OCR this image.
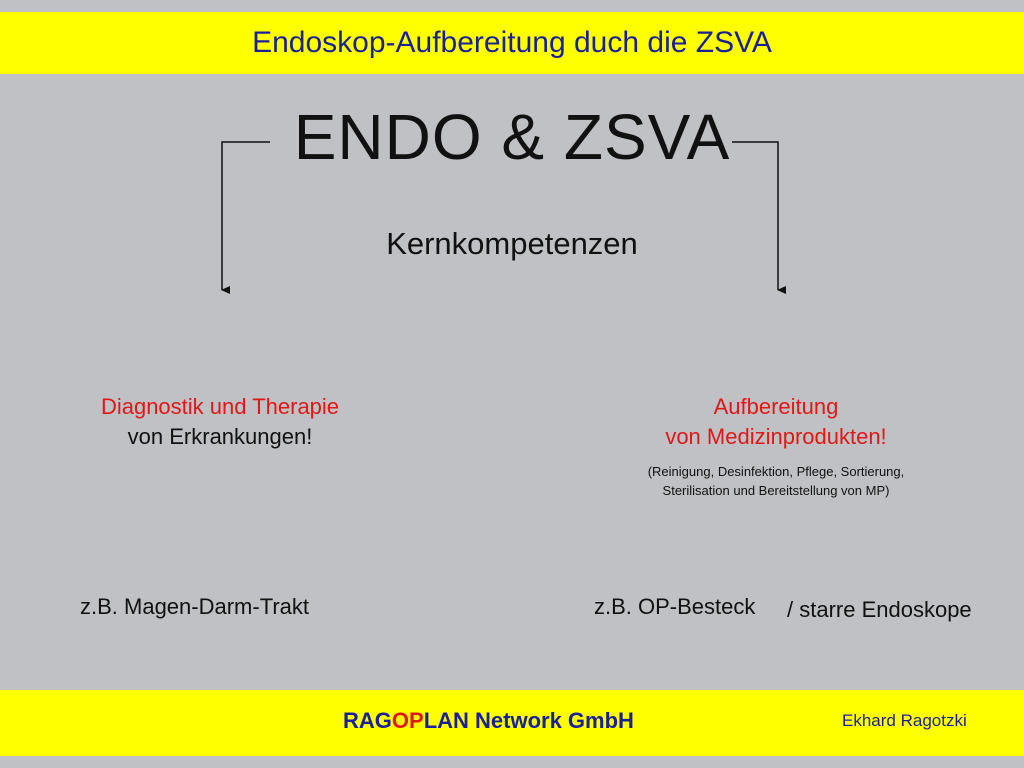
Endoskop-Aufbereitung duch die ZSVA
ENDO & ZSVA
Kernkompetenzen
Diagnostik und Therapie
von Erkrankungen!
Aufbereitung
von Medizinprodukten!
(Reinigung, Desinfektion, Pflege, Sortierung,
Sterilisation und Bereitstellung von MP)
z.B. Magen-Darm-Trakt	z.B. OP-Besteck / starre Endoskope
RAGOPLAN Network GmbH	Ekhard Ragotzki
